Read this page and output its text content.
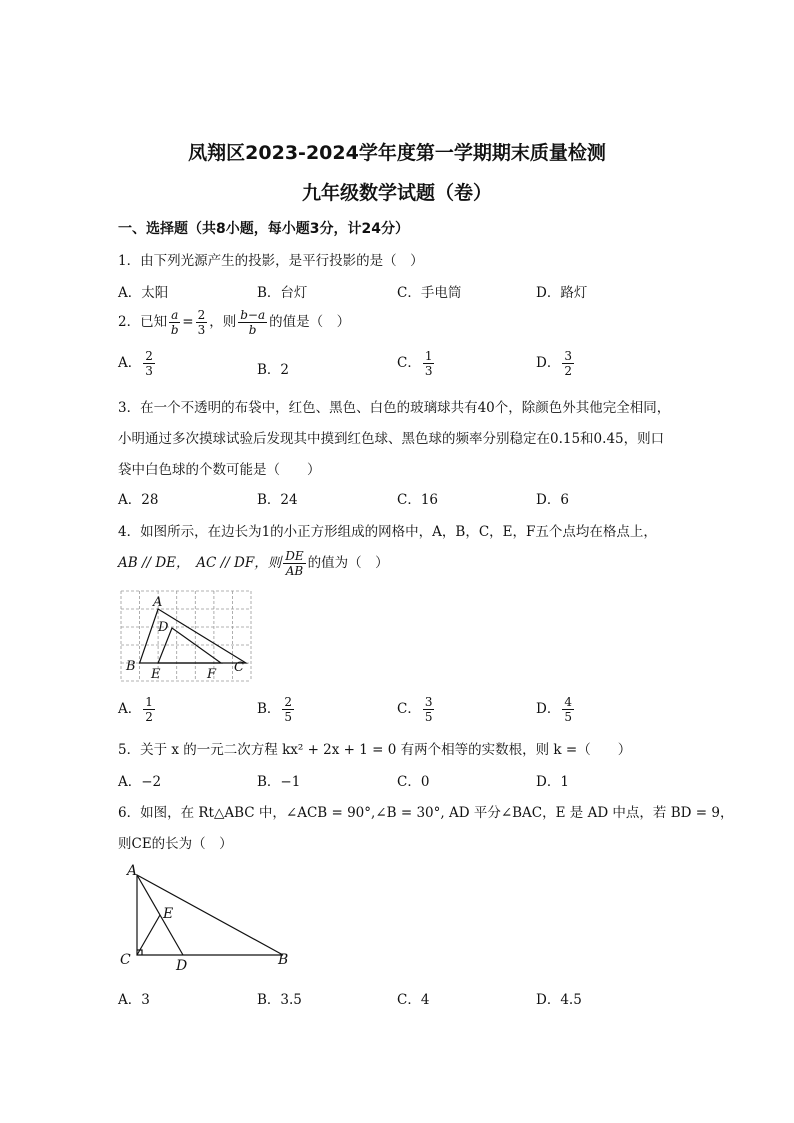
凤翔区2023-2024学年度第一学期期末质量检测
九年级数学试题（卷）
一、选择题（共8小题，每小题3分，计24分）
1．由下列光源产生的投影，是平行投影的是（　）
A．太阳	B．台灯	C．手电筒	D．路灯
2．已知 $\frac{a}{b} = \frac{2}{3}$ ，则 $\frac{b-a}{b}$ 的值是（　）
A． $\frac{2}{3}$	B．2	C． $\frac{1}{3}$	D． $\frac{3}{2}$
3．在一个不透明的布袋中，红色、黑色、白色的玻璃球共有40个，除颜色外其他完全相同，
小明通过多次摸球试验后发现其中摸到红色球、黑色球的频率分别稳定在0.15和0.45，则口
袋中白色球的个数可能是（　　）
A．28	B．24	C．16	D．6
4．如图所示，在边长为1的小正方形组成的网格中，A，B，C，E，F五个点均在格点上，
AB // DE，　AC // DF，则 $\frac{DE}{AB}$ 的值为（　）
A
B	C
D
E	F
A． $\frac{1}{2}$	B． $\frac{2}{5}$	C． $\frac{3}{5}$	D． $\frac{4}{5}$
5．关于 x 的一元二次方程 kx² + 2x + 1 = 0 有两个相等的实数根，则 k =（　　）
A．−2	B．−1	C．0	D．1
6．如图，在 Rt△ABC 中，∠ACB = 90°,∠B = 30°, AD 平分∠BAC，E 是 AD 中点，若 BD = 9，
则CE的长为（　）
A
E
C	D	B
A．3	B．3.5	C．4	D．4.5
